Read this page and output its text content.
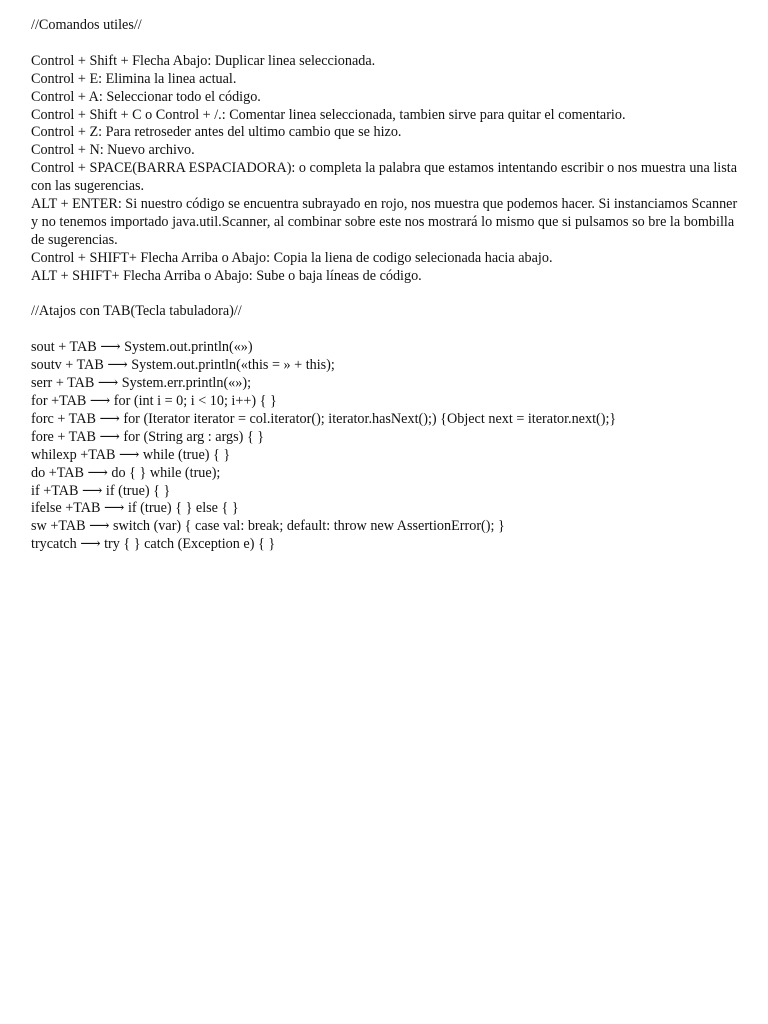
//Comandos utiles//

Control + Shift + Flecha Abajo: Duplicar linea seleccionada.
Control + E: Elimina la linea actual.
Control + A: Seleccionar todo el código.
Control + Shift + C o Control + /.: Comentar linea seleccionada, tambien sirve para quitar el comentario.
Control + Z: Para retroseder antes del ultimo cambio que se hizo.
Control + N: Nuevo archivo.
Control + SPACE(BARRA ESPACIADORA): o completa la palabra que estamos intentando escribir o nos muestra una lista con las sugerencias.
ALT + ENTER: Si nuestro código se encuentra subrayado en rojo, nos muestra que podemos hacer. Si instanciamos Scanner y no tenemos importado java.util.Scanner, al combinar sobre este nos mostrará lo mismo que si pulsamos so bre la bombilla de sugerencias.
Control + SHIFT+ Flecha Arriba o Abajo: Copia la liena de codigo selecionada hacia abajo.
ALT + SHIFT+ Flecha Arriba o Abajo: Sube o baja líneas de código.

//Atajos con TAB(Tecla tabuladora)//

sout + TAB ⟶ System.out.println(«»)
soutv + TAB ⟶ System.out.println(«this = » + this);
serr + TAB ⟶ System.err.println(«»);
for +TAB ⟶ for (int i = 0; i < 10; i++) { }
forc + TAB ⟶ for (Iterator iterator = col.iterator(); iterator.hasNext();) {Object next = iterator.next();}
fore + TAB ⟶ for (String arg : args) { }
whilexp +TAB ⟶ while (true) { }
do +TAB ⟶ do { } while (true);
if +TAB ⟶ if (true) { }
ifelse +TAB ⟶ if (true) { } else { }
sw +TAB ⟶ switch (var) { case val: break; default: throw new AssertionError(); }
trycatch ⟶ try { } catch (Exception e) { }
